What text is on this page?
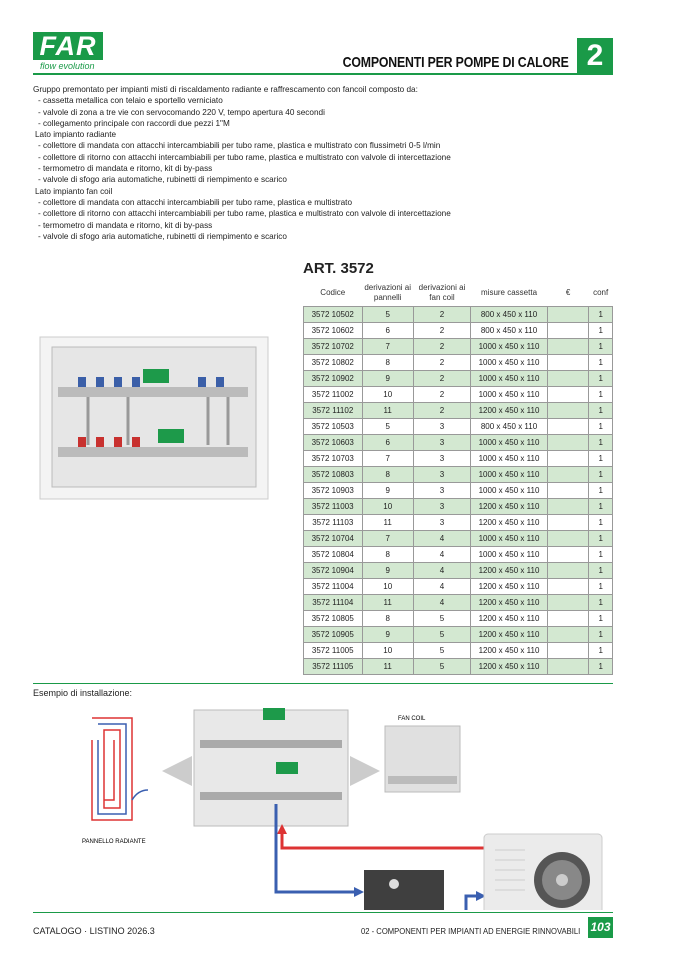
FAR
flow evolution	COMPONENTI PER POMPE DI CALORE 2
Gruppo premontato per impianti misti di riscaldamento radiante e raffrescamento con fancoil composto da:
- cassetta metallica con telaio e sportello verniciato
- valvole di zona a tre vie con servocomando 220 V, tempo apertura 40 secondi
- collegamento principale con raccordi due pezzi 1"M
Lato impianto radiante
- collettore di mandata con attacchi intercambiabili per tubo rame, plastica e multistrato con flussimetri 0-5 l/min
- collettore di ritorno con attacchi intercambiabili per tubo rame, plastica e multistrato con valvole di intercettazione
- termometro di mandata e ritorno, kit di by-pass
- valvole di sfogo aria automatiche, rubinetti di riempimento e scarico
Lato impianto fan coil
- collettore di mandata con attacchi intercambiabili per tubo rame, plastica e multistrato
- collettore di ritorno con attacchi intercambiabili per tubo rame, plastica e multistrato con valvole di intercettazione
- termometro di mandata e ritorno, kit di by-pass
- valvole di sfogo aria automatiche, rubinetti di riempimento e scarico
ART. 3572
Codice	derivazioni ai pannelli	derivazioni ai fan coil	misure cassetta	€	conf
3572 10502	5	2	800 x 450 x 110		1
3572 10602	6	2	800 x 450 x 110		1
3572 10702	7	2	1000 x 450 x 110		1
3572 10802	8	2	1000 x 450 x 110		1
3572 10902	9	2	1000 x 450 x 110		1
3572 11002	10	2	1000 x 450 x 110		1
3572 11102	11	2	1200 x 450 x 110		1
3572 10503	5	3	800 x 450 x 110		1
3572 10603	6	3	1000 x 450 x 110		1
3572 10703	7	3	1000 x 450 x 110		1
3572 10803	8	3	1000 x 450 x 110		1
3572 10903	9	3	1000 x 450 x 110		1
3572 11003	10	3	1200 x 450 x 110		1
3572 11103	11	3	1200 x 450 x 110		1
3572 10704	7	4	1000 x 450 x 110		1
3572 10804	8	4	1000 x 450 x 110		1
3572 10904	9	4	1200 x 450 x 110		1
3572 11004	10	4	1200 x 450 x 110		1
3572 11104	11	4	1200 x 450 x 110		1
3572 10805	8	5	1200 x 450 x 110		1
3572 10905	9	5	1200 x 450 x 110		1
3572 11005	10	5	1200 x 450 x 110		1
3572 11105	11	5	1200 x 450 x 110		1
Esempio di installazione:
PANNELLO RADIANTE
FAN COIL
CATALOGO · LISTINO 2026.3	02 - COMPONENTI PER IMPIANTI AD ENERGIE RINNOVABILI 103
